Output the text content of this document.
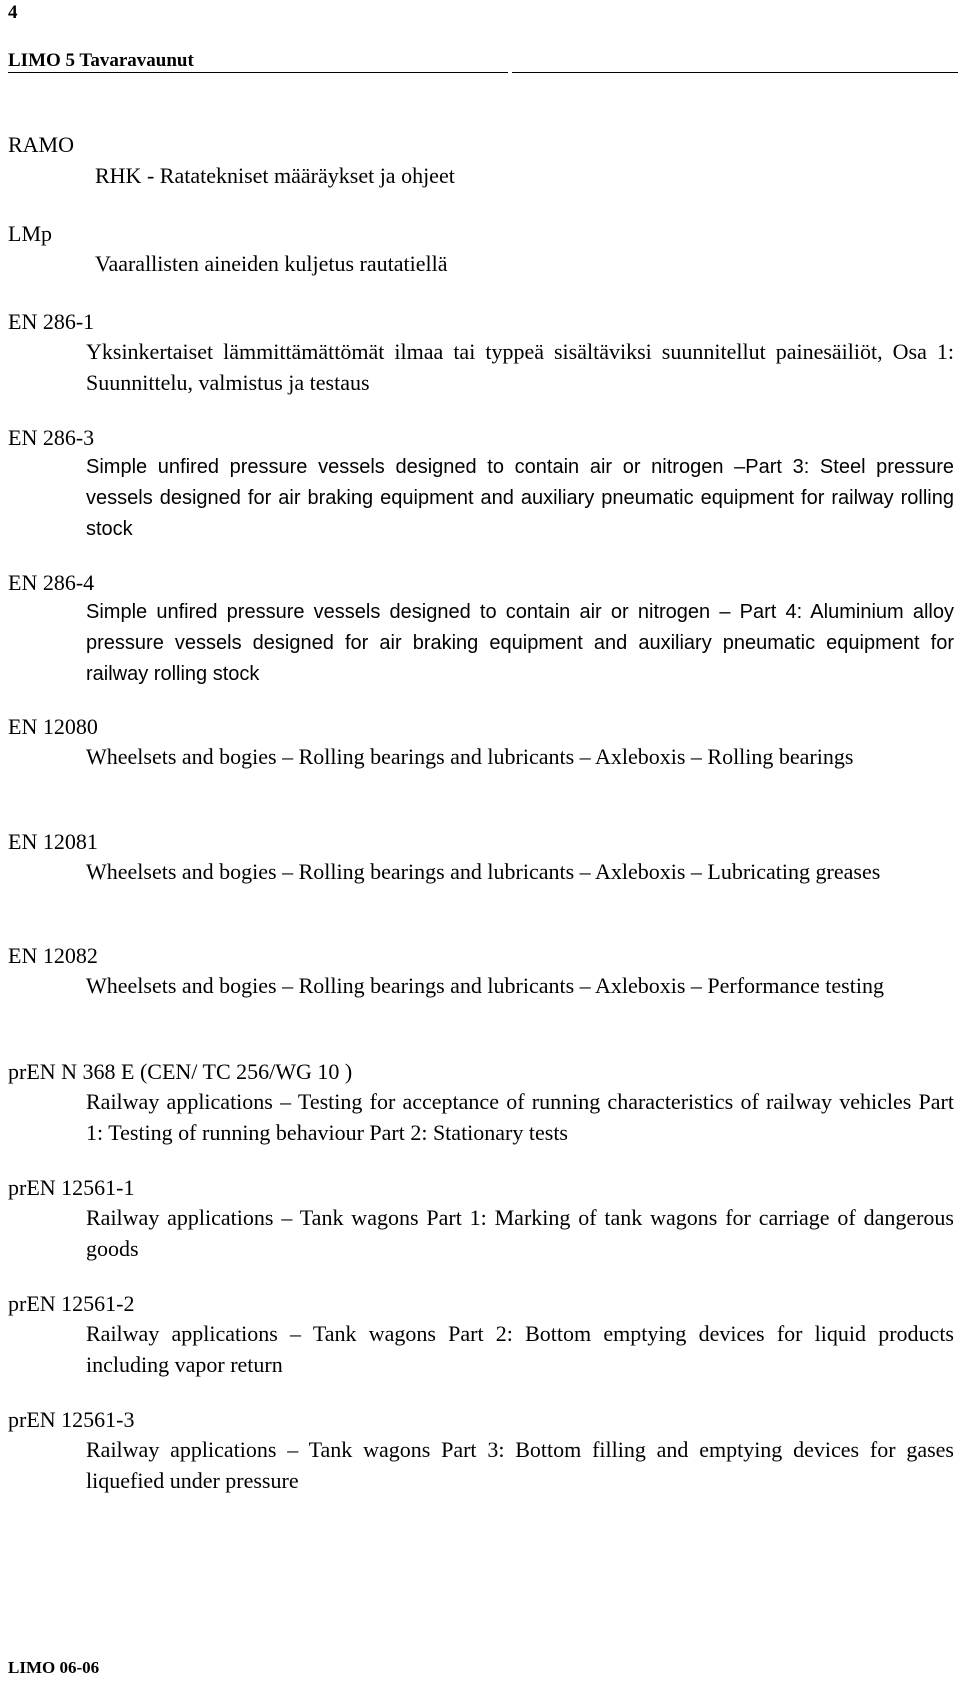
4
LIMO 5 Tavaravaunut
RAMO
RHK - Ratatekniset määräykset ja ohjeet
LMp
Vaarallisten aineiden kuljetus rautatiellä
EN 286-1
Yksinkertaiset lämmittämättömät ilmaa tai typpeä sisältäviksi suunnitellut painesäiliöt, Osa 1: Suunnittelu, valmistus ja testaus
EN 286-3
Simple unfired pressure vessels designed to contain air or nitrogen –Part 3: Steel pressure vessels designed for air braking equipment and auxiliary pneumatic equipment for railway rolling stock
EN 286-4
Simple unfired pressure vessels designed to contain air or nitrogen – Part 4: Aluminium alloy pressure vessels designed for air braking equipment and auxiliary pneumatic equipment for railway rolling stock
EN 12080
Wheelsets and bogies – Rolling bearings and lubricants – Axleboxis – Rolling bearings
EN 12081
Wheelsets and bogies – Rolling bearings and lubricants – Axleboxis – Lubricating greases
EN 12082
Wheelsets and bogies – Rolling bearings and lubricants – Axleboxis – Performance testing
prEN N 368 E (CEN/ TC 256/WG 10 )
Railway applications – Testing for acceptance of running characteristics of railway vehicles Part 1: Testing of running behaviour Part 2: Stationary tests
prEN 12561-1
Railway applications – Tank wagons Part 1: Marking of tank wagons for carriage of dangerous goods
prEN 12561-2
Railway applications – Tank wagons Part 2: Bottom emptying devices for liquid products including vapor return
prEN 12561-3
Railway applications – Tank wagons Part 3: Bottom filling and emptying devices for gases liquefied under pressure
LIMO 06-06
